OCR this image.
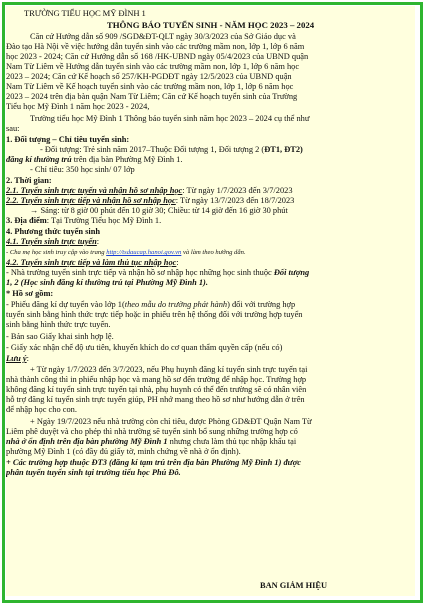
TRƯỜNG TIỂU HỌC MỸ ĐÌNH 1
THÔNG BÁO TUYỂN SINH - NĂM HỌC 2023 – 2024
Căn cứ Hướng dẫn số 909 /SGD&ĐT-QLT ngày 30/3/2023 của Sở Giáo dục và
Đào tạo Hà Nội về việc hướng dẫn tuyển sinh vào các trường mầm non, lớp 1, lớp 6 năm
học 2023 - 2024; Căn cứ Hướng dẫn số 168 /HK-UBND ngày 05/4/2023 của UBND quận
Nam Từ Liêm về Hướng dẫn tuyển sinh vào các trường mầm non, lớp 1, lớp 6 năm học
2023 – 2024; Căn cứ Kế hoạch số 257/KH-PGDĐT ngày 12/5/2023 của UBND quận
Nam Từ Liêm về Kế hoạch tuyển sinh vào các trường mầm non, lớp 1, lớp 6 năm học
2023 – 2024 trên địa bàn quận Nam Từ Liêm; Căn cứ Kế hoạch tuyển sinh của Trường
Tiểu học Mỹ Đình 1 năm học 2023 - 2024,
Trường tiểu học Mỹ Đình 1 Thông báo tuyển sinh năm học 2023 – 2024 cụ thể như
sau:
1. Đối tượng – Chỉ tiêu tuyển sinh:
- Đối tượng: Trẻ sinh năm 2017–Thuộc Đối tượng 1, Đối tượng 2 (ĐT1, ĐT2)
đăng kí thường trú trên địa bàn Phường Mỹ Đình 1.
- Chỉ tiêu: 350 học sinh/ 07 lớp
2. Thời gian:
2.1. Tuyển sinh trực tuyến và nhận hồ sơ nhập học: Từ ngày 1/7/2023 đến 3/7/2023
2.2. Tuyển sinh trực tiếp và nhận hồ sơ nhập học: Từ ngày 13/7/2023 đến 18/7/2023
→ Sáng: từ 8 giờ 00 phút đến 10 giờ 30; Chiều: từ 14 giờ đến 16 giờ 30 phút
3. Địa điểm: Tại Trường Tiểu học Mỹ Đình 1.
4. Phương thức tuyển sinh
4.1. Tuyển sinh trực tuyến:
- Cha mẹ học sinh truy cập vào trang http://tsdaucap.hanoi.gov.vn và làm theo hướng dẫn.
4.2. Tuyển sinh trực tiếp và làm thủ tục nhập học:
- Nhà trường tuyển sinh trực tiếp và nhận hồ sơ nhập học những học sinh thuộc Đối tượng
1, 2 (Học sinh đăng kí thường trú tại Phường Mỹ Đình 1).
* Hồ sơ gồm:
- Phiếu đăng kí dự tuyển vào lớp 1(theo mẫu do trường phát hành) đối với trường hợp
tuyển sinh bằng hình thức trực tiếp hoặc in phiếu trên hệ thống đối với trường hợp tuyển
sinh bằng hình thức trực tuyến.
- Bản sao Giấy khai sinh hợp lệ.
- Giấy xác nhận chế độ ưu tiên, khuyến khích do cơ quan thẩm quyền cấp (nếu có)
Lưu ý:
+ Từ ngày 1/7/2023 đến 3/7/2023, nếu Phụ huynh đăng kí tuyển sinh trực tuyến tại
nhà thành công thì in phiếu nhập học và mang hồ sơ đến trường để nhập học. Trường hợp
không đăng kí tuyển sinh trực tuyến tại nhà, phụ huynh có thể đến trường sẽ có nhân viên
hỗ trợ đăng kí tuyển sinh trực tuyến giúp, PH nhớ mang theo hồ sơ như hướng dẫn ở trên
để nhập học cho con.
+ Ngày 19/7/2023 nếu nhà trường còn chỉ tiêu, được Phòng GD&ĐT Quận Nam Từ
Liêm phê duyệt và cho phép thì nhà trường sẽ tuyển sinh bổ sung những trường hợp có
nhà ở ổn định trên địa bàn phường Mỹ Đình 1 nhưng chưa làm thủ tục nhập khẩu tại
phường Mỹ Đình 1 (có đầy đủ giấy tờ, minh chứng về nhà ở ổn định).
+ Các trường hợp thuộc ĐT3 (đăng kí tạm trú trên địa bàn Phường Mỹ Đình 1) được
phân tuyến tuyển sinh tại trường tiểu học Phú Đô.
BAN GIÁM HIỆU
